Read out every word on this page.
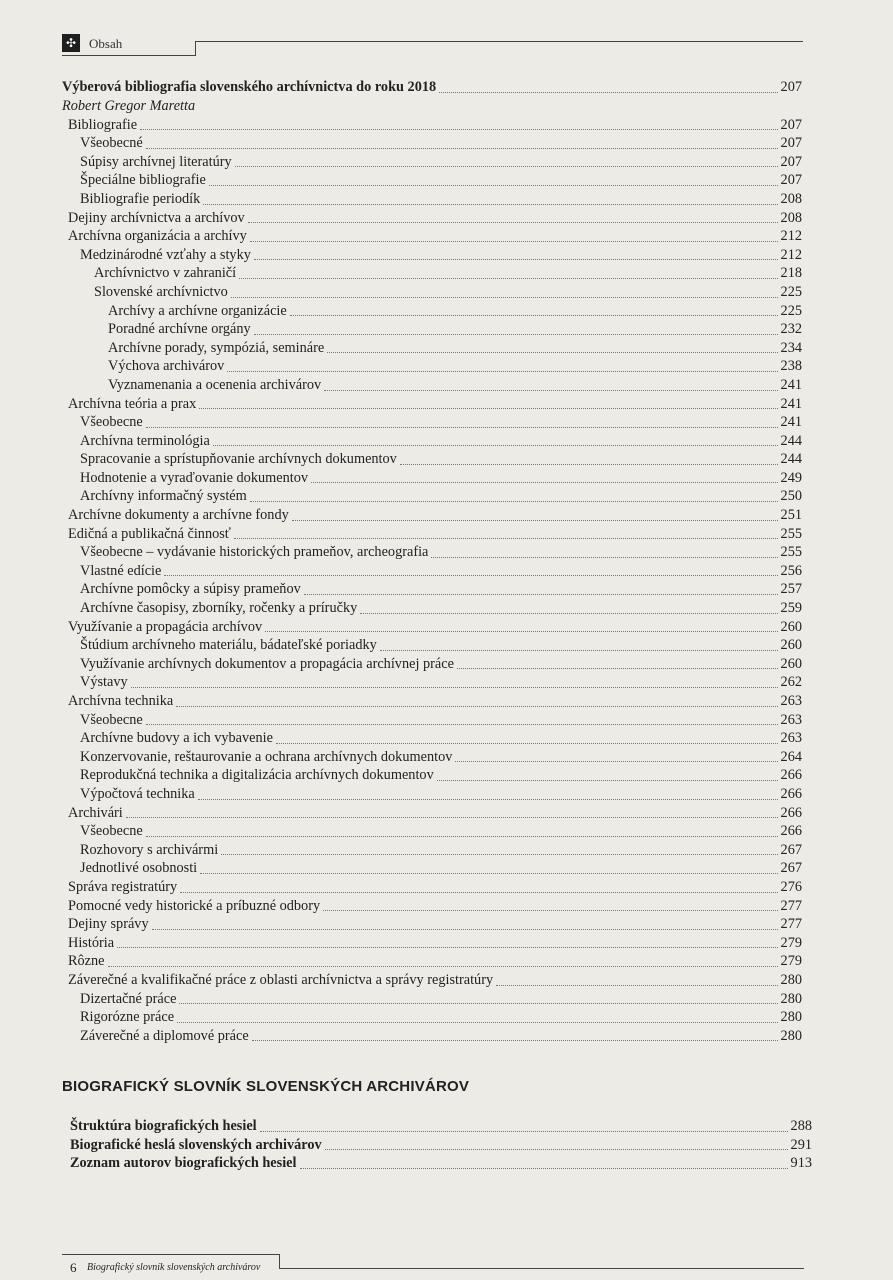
✣ Obsah
Výberová bibliografia slovenského archívnictva do roku 2018	207
Robert Gregor Maretta
Bibliografie	207
Všeobecné	207
Súpisy archívnej literatúry	207
Špeciálne bibliografie	207
Bibliografie periodík	208
Dejiny archívnictva a archívov	208
Archívna organizácia a archívy	212
Medzinárodné vzťahy a styky	212
Archívnictvo v zahraničí	218
Slovenské archívnictvo	225
Archívy a archívne organizácie	225
Poradné archívne orgány	232
Archívne porady, sympóziá, semináre	234
Výchova archivárov	238
Vyznamenania a ocenenia archivárov	241
Archívna teória a prax	241
Všeobecne	241
Archívna terminológia	244
Spracovanie a sprístupňovanie archívnych dokumentov	244
Hodnotenie a vyraďovanie dokumentov	249
Archívny informačný systém	250
Archívne dokumenty a archívne fondy	251
Edičná a publikačná činnosť	255
Všeobecne – vydávanie historických prameňov, archeografia	255
Vlastné edície	256
Archívne pomôcky a súpisy prameňov	257
Archívne časopisy, zborníky, ročenky a príručky	259
Využívanie a propagácia archívov	260
Štúdium archívneho materiálu, bádateľské poriadky	260
Využívanie archívnych dokumentov a propagácia archívnej práce	260
Výstavy	262
Archívna technika	263
Všeobecne	263
Archívne budovy a ich vybavenie	263
Konzervovanie, reštaurovanie a ochrana archívnych dokumentov	264
Reprodukčná technika a digitalizácia archívnych dokumentov	266
Výpočtová technika	266
Archivári	266
Všeobecne	266
Rozhovory s archivármi	267
Jednotlivé osobnosti	267
Správa registratúry	276
Pomocné vedy historické a príbuzné odbory	277
Dejiny správy	277
História	279
Rôzne	279
Záverečné a kvalifikačné práce z oblasti archívnictva a správy registratúry	280
Dizertačné práce	280
Rigorózne práce	280
Záverečné a diplomové práce	280
BIOGRAFICKÝ SLOVNÍK SLOVENSKÝCH ARCHIVÁROV
Štruktúra biografických hesiel	288
Biografické heslá slovenských archivárov	291
Zoznam autorov biografických hesiel	913
6 Biografický slovník slovenských archivárov
